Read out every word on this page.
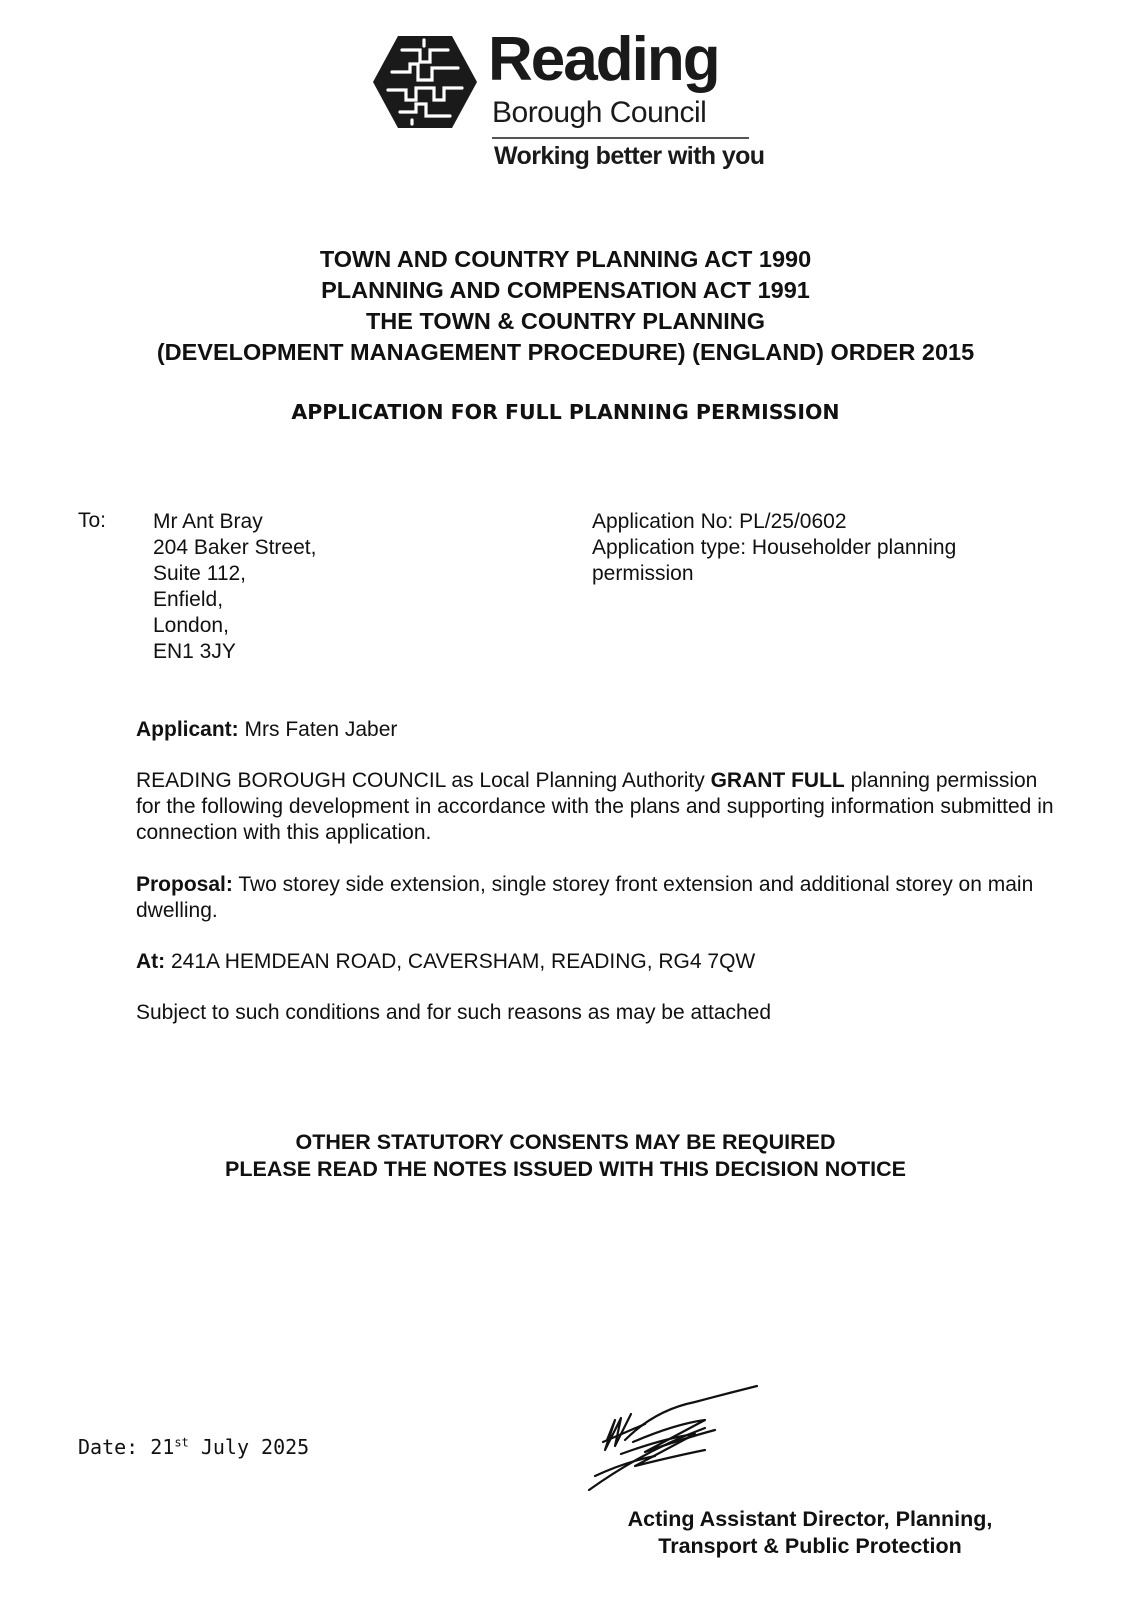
Reading
Borough Council
Working better with you
TOWN AND COUNTRY PLANNING ACT 1990
PLANNING AND COMPENSATION ACT 1991
THE TOWN & COUNTRY PLANNING
(DEVELOPMENT MANAGEMENT PROCEDURE) (ENGLAND) ORDER 2015
APPLICATION FOR FULL PLANNING PERMISSION
To: Mr Ant Bray
204 Baker Street,
Suite 112,
Enfield,
London,
EN1 3JY
Application No: PL/25/0602
Application type: Householder planning permission
Applicant: Mrs Faten Jaber
READING BOROUGH COUNCIL as Local Planning Authority GRANT FULL planning permission for the following development in accordance with the plans and supporting information submitted in connection with this application.
Proposal: Two storey side extension, single storey front extension and additional storey on main dwelling.
At: 241A HEMDEAN ROAD, CAVERSHAM, READING, RG4 7QW
Subject to such conditions and for such reasons as may be attached
OTHER STATUTORY CONSENTS MAY BE REQUIRED
PLEASE READ THE NOTES ISSUED WITH THIS DECISION NOTICE
Date: 21st July 2025
Acting Assistant Director, Planning,
Transport & Public Protection
